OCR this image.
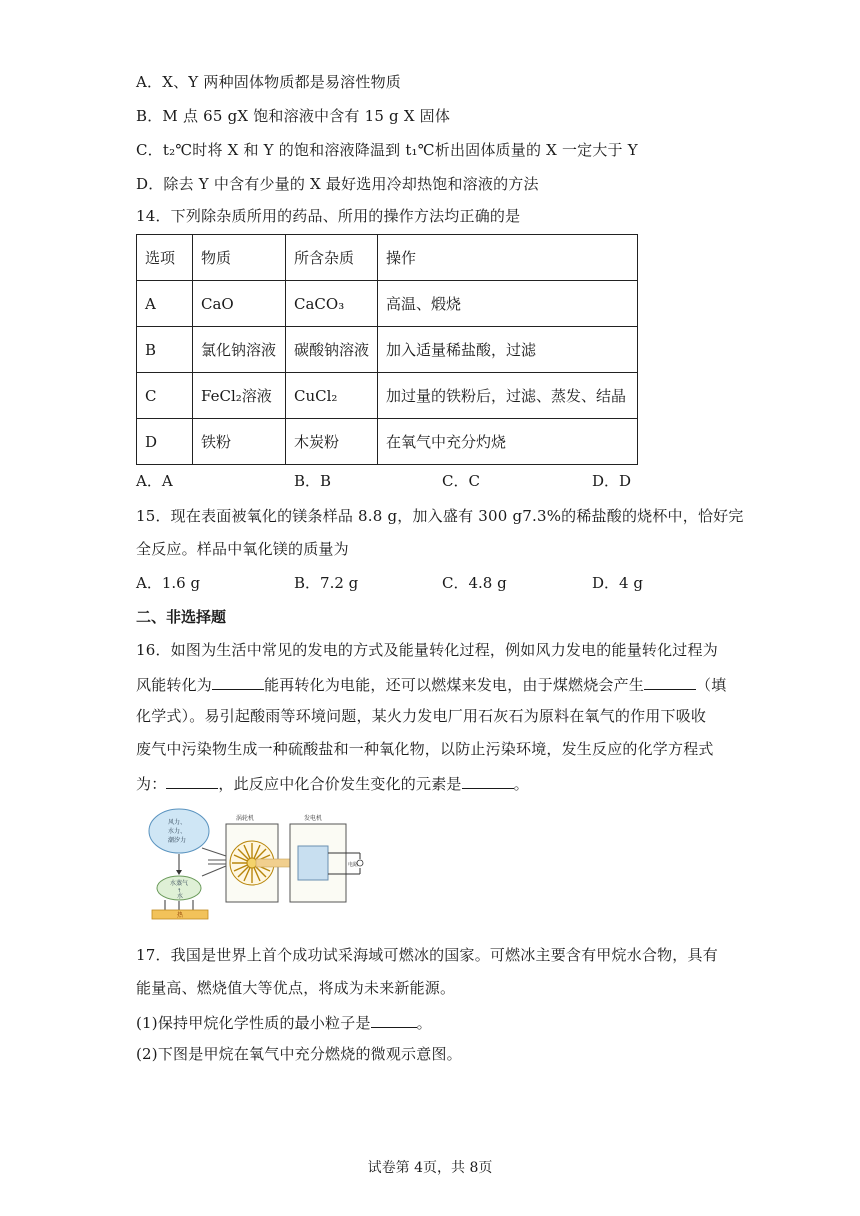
A．X、Y 两种固体物质都是易溶性物质
B．M 点 65 gX 饱和溶液中含有 15 g X 固体
C．t₂℃时将 X 和 Y 的饱和溶液降温到 t₁℃析出固体质量的 X 一定大于 Y
D．除去 Y 中含有少量的 X 最好选用冷却热饱和溶液的方法
14．下列除杂质所用的药品、所用的操作方法均正确的是
选项	物质	所含杂质	操作
A	CaO	CaCO₃	高温、煅烧
B	氯化钠溶液	碳酸钠溶液	加入适量稀盐酸，过滤
C	FeCl₂溶液	CuCl₂	加过量的铁粉后，过滤、蒸发、结晶
D	铁粉	木炭粉	在氧气中充分灼烧
A．A	B．B	C．C	D．D
15．现在表面被氧化的镁条样品 8.8 g，加入盛有 300 g7.3%的稀盐酸的烧杯中，恰好完
全反应。样品中氧化镁的质量为
A．1.6 g	B．7.2 g	C．4.8 g	D．4 g
二、非选择题
16．如图为生活中常见的发电的方式及能量转化过程，例如风力发电的能量转化过程为
风能转化为	能再转化为电能，还可以燃煤来发电，由于煤燃烧会产生	（填
化学式）。易引起酸雨等环境问题，某火力发电厂用石灰石为原料在氧气的作用下吸收
废气中污染物生成一种硫酸盐和一种氧化物，以防止污染环境，发生反应的化学方程式
为：	，此反应中化合价发生变化的元素是	。
风力、
水力、
潮汐力
水蒸气
↑
水
热
涡轮机	发电机
电路
17．我国是世界上首个成功试采海域可燃冰的国家。可燃冰主要含有甲烷水合物，具有
能量高、燃烧值大等优点，将成为未来新能源。
(1)保持甲烷化学性质的最小粒子是	。
(2)下图是甲烷在氧气中充分燃烧的微观示意图。
试卷第 4页，共 8页
